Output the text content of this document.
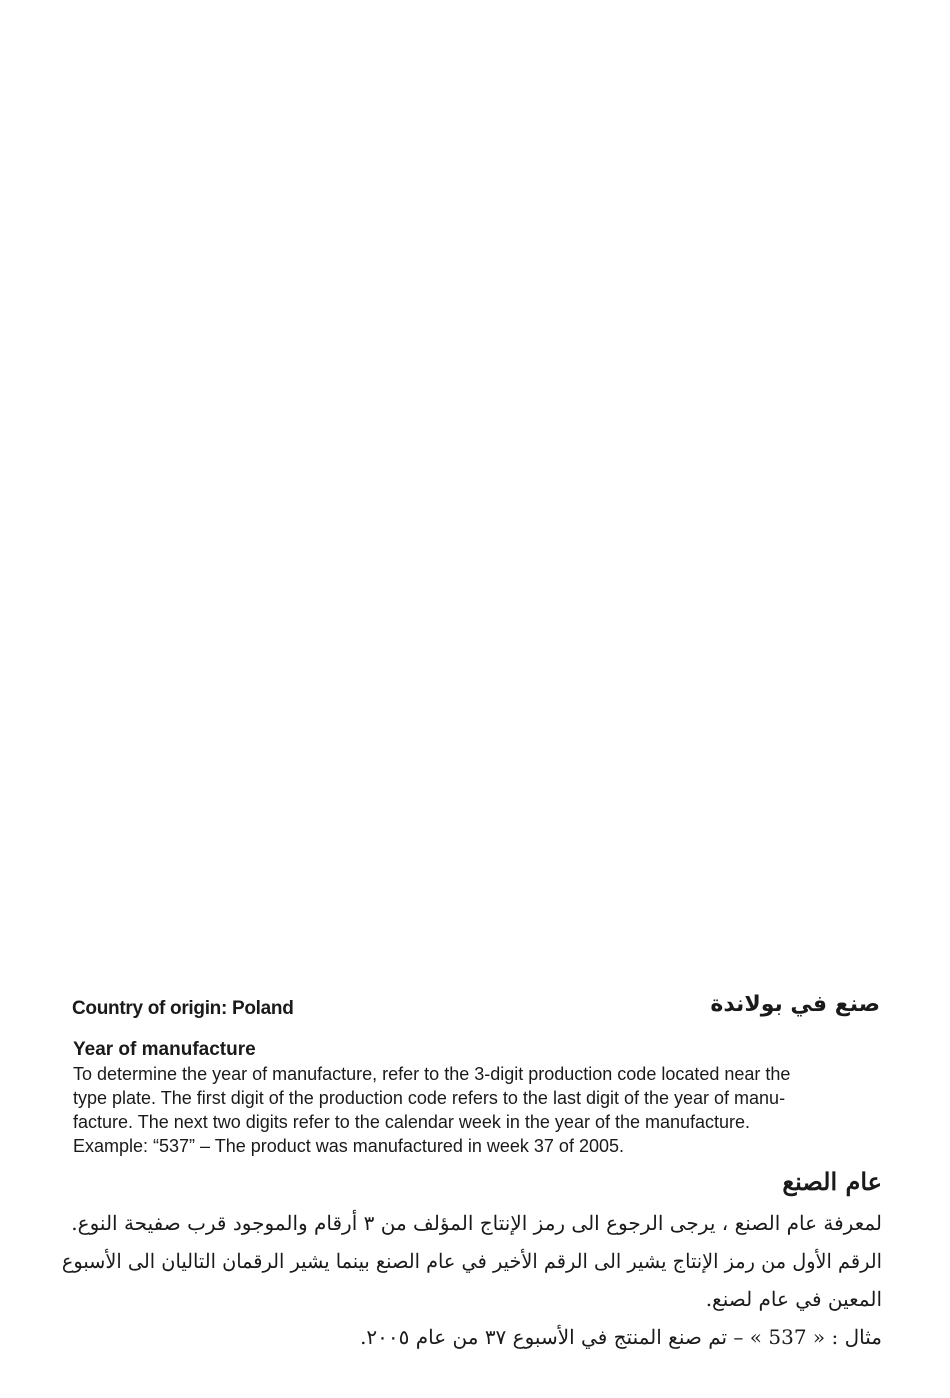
Country of origin: Poland	صنع في بولاندة
Year of manufacture
To determine the year of manufacture, refer to the 3-digit production code located near the
type plate. The first digit of the production code refers to the last digit of the year of manu-
facture. The next two digits refer to the calendar week in the year of the manufacture.
Example: “537” – The product was manufactured in week 37 of 2005.
عام الصنع
لمعرفة عام الصنع ، يرجى الرجوع الى رمز الإنتاج المؤلف من ٣ أرقام والموجود قرب صفيحة النوع.
الرقم الأول من رمز الإنتاج يشير الى الرقم الأخير في عام الصنع بينما يشير الرقمان التاليان الى الأسبوع
المعين في عام لصنع.
مثال : « 537 » – تم صنع المنتج في الأسبوع ٣٧ من عام ٢٠٠٥.
